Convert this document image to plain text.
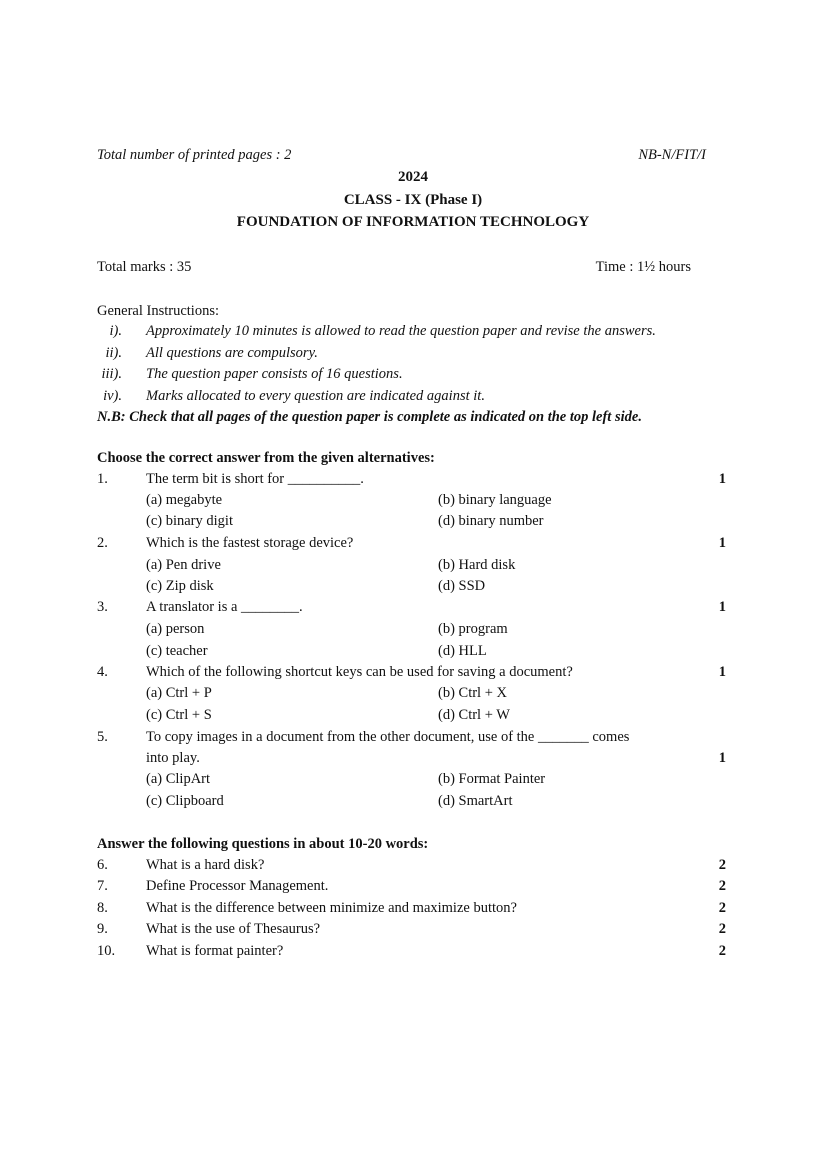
Total number of printed pages : 2	NB-N/FIT/I
2024
CLASS - IX (Phase I)
FOUNDATION OF INFORMATION TECHNOLOGY
Total marks : 35	Time : 1½ hours
General Instructions:
i). Approximately 10 minutes is allowed to read the question paper and revise the answers.
ii). All questions are compulsory.
iii). The question paper consists of 16 questions.
iv). Marks allocated to every question are indicated against it.
N.B: Check that all pages of the question paper is complete as indicated on the top left side.
Choose the correct answer from the given alternatives:
1.	The term bit is short for __________.	1
(a) megabyte	(b) binary language
(c) binary digit	(d) binary number
2.	Which is the fastest storage device?	1
(a) Pen drive	(b) Hard disk
(c) Zip disk	(d) SSD
3.	A translator is a ________.	1
(a) person	(b) program
(c) teacher	(d) HLL
4.	Which of the following shortcut keys can be used for saving a document?	1
(a) Ctrl + P	(b) Ctrl + X
(c) Ctrl + S	(d) Ctrl + W
5.	To copy images in a document from the other document, use of the _______ comes
into play.	1
(a) ClipArt	(b) Format Painter
(c) Clipboard	(d) SmartArt
Answer the following questions in about 10-20 words:
6.	What is a hard disk?	2
7.	Define Processor Management.	2
8.	What is the difference between minimize and maximize button?	2
9.	What is the use of Thesaurus?	2
10. What is format painter?	2
